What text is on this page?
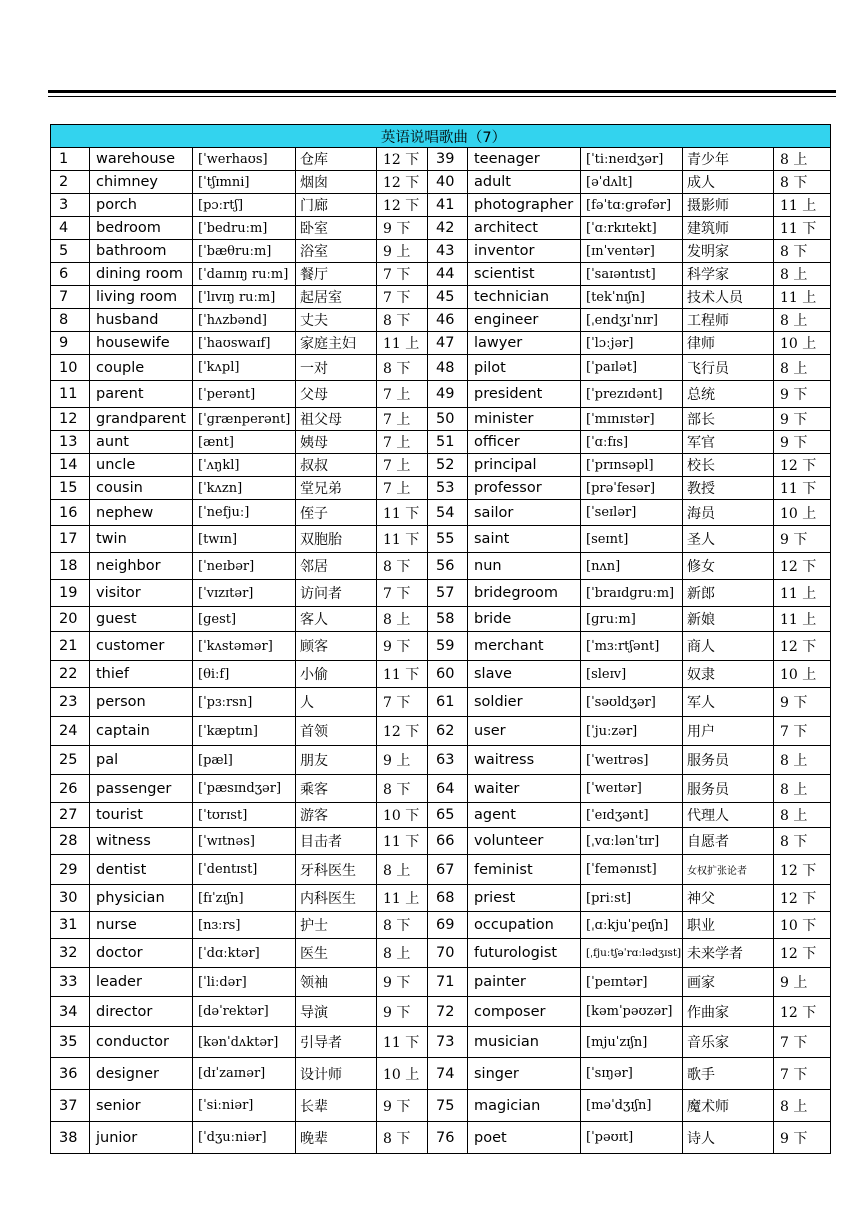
英语说唱歌曲（7）									
1	warehouse	[ˈwerhaʊs]	仓库	12 下	39	teenager	[ˈtiːneɪdʒər]	青少年	8 上
2	chimney	[ˈtʃɪmni]	烟囱	12 下	40	adult	[əˈdʌlt]	成人	8 下
3	porch	[pɔːrtʃ]	门廊	12 下	41	photographer	[fəˈtɑːɡrəfər]	摄影师	11 上
4	bedroom	[ˈbedruːm]	卧室	9 下	42	architect	[ˈɑːrkɪtekt]	建筑师	11 下
5	bathroom	[ˈbæθruːm]	浴室	9 上	43	inventor	[ɪnˈventər]	发明家	8 下
6	dining room	[ˈdaɪnɪŋ ruːm]	餐厅	7 下	44	scientist	[ˈsaɪəntɪst]	科学家	8 上
7	living room	[ˈlɪvɪŋ ruːm]	起居室	7 下	45	technician	[tekˈnɪʃn]	技术人员	11 上
8	husband	[ˈhʌzbənd]	丈夫	8 下	46	engineer	[ˌendʒɪˈnɪr]	工程师	8 上
9	housewife	[ˈhaʊswaɪf]	家庭主妇	11 上	47	lawyer	[ˈlɔːjər]	律师	10 上
10	couple	[ˈkʌpl]	一对	8 下	48	pilot	[ˈpaɪlət]	飞行员	8 上
11	parent	[ˈperənt]	父母	7 上	49	president	[ˈprezɪdənt]	总统	9 下
12	grandparent	[ˈɡrænperənt]	祖父母	7 上	50	minister	[ˈmɪnɪstər]	部长	9 下
13	aunt	[ænt]	姨母	7 上	51	officer	[ˈɑːfɪs]	军官	9 下
14	uncle	[ˈʌŋkl]	叔叔	7 上	52	principal	[ˈprɪnsəpl]	校长	12 下
15	cousin	[ˈkʌzn]	堂兄弟	7 上	53	professor	[prəˈfesər]	教授	11 下
16	nephew	[ˈnefjuː]	侄子	11 下	54	sailor	[ˈseɪlər]	海员	10 上
17	twin	[twɪn]	双胞胎	11 下	55	saint	[seɪnt]	圣人	9 下
18	neighbor	[ˈneɪbər]	邻居	8 下	56	nun	[nʌn]	修女	12 下
19	visitor	[ˈvɪzɪtər]	访问者	7 下	57	bridegroom	[ˈbraɪdɡruːm]	新郎	11 上
20	guest	[ɡest]	客人	8 上	58	bride	[ɡruːm]	新娘	11 上
21	customer	[ˈkʌstəmər]	顾客	9 下	59	merchant	[ˈmɜːrtʃənt]	商人	12 下
22	thief	[θiːf]	小偷	11 下	60	slave	[sleɪv]	奴隶	10 上
23	person	[ˈpɜːrsn]	人	7 下	61	soldier	[ˈsəʊldʒər]	军人	9 下
24	captain	[ˈkæptɪn]	首领	12 下	62	user	[ˈjuːzər]	用户	7 下
25	pal	[pæl]	朋友	9 上	63	waitress	[ˈweɪtrəs]	服务员	8 上
26	passenger	[ˈpæsɪndʒər]	乘客	8 下	64	waiter	[ˈweɪtər]	服务员	8 上
27	tourist	[ˈtʊrɪst]	游客	10 下	65	agent	[ˈeɪdʒənt]	代理人	8 上
28	witness	[ˈwɪtnəs]	目击者	11 下	66	volunteer	[ˌvɑːlənˈtɪr]	自愿者	8 下
29	dentist	[ˈdentɪst]	牙科医生	8 上	67	feminist	[ˈfemənɪst]	女权扩张论者	12 下
30	physician	[fɪˈzɪʃn]	内科医生	11 上	68	priest	[priːst]	神父	12 下
31	nurse	[nɜːrs]	护士	8 下	69	occupation	[ˌɑːkjuˈpeɪʃn]	职业	10 下
32	doctor	[ˈdɑːktər]	医生	8 上	70	futurologist	[ˌfjuːtʃəˈrɑːlədʒɪst]	未来学者	12 下
33	leader	[ˈliːdər]	领袖	9 下	71	painter	[ˈpeɪntər]	画家	9 上
34	director	[dəˈrektər]	导演	9 下	72	composer	[kəmˈpəʊzər]	作曲家	12 下
35	conductor	[kənˈdʌktər]	引导者	11 下	73	musician	[mjuˈzɪʃn]	音乐家	7 下
36	designer	[dɪˈzaɪnər]	设计师	10 上	74	singer	[ˈsɪŋər]	歌手	7 下
37	senior	[ˈsiːniər]	长辈	9 下	75	magician	[məˈdʒɪʃn]	魔术师	8 上
38	junior	[ˈdʒuːniər]	晚辈	8 下	76	poet	[ˈpəʊɪt]	诗人	9 下
